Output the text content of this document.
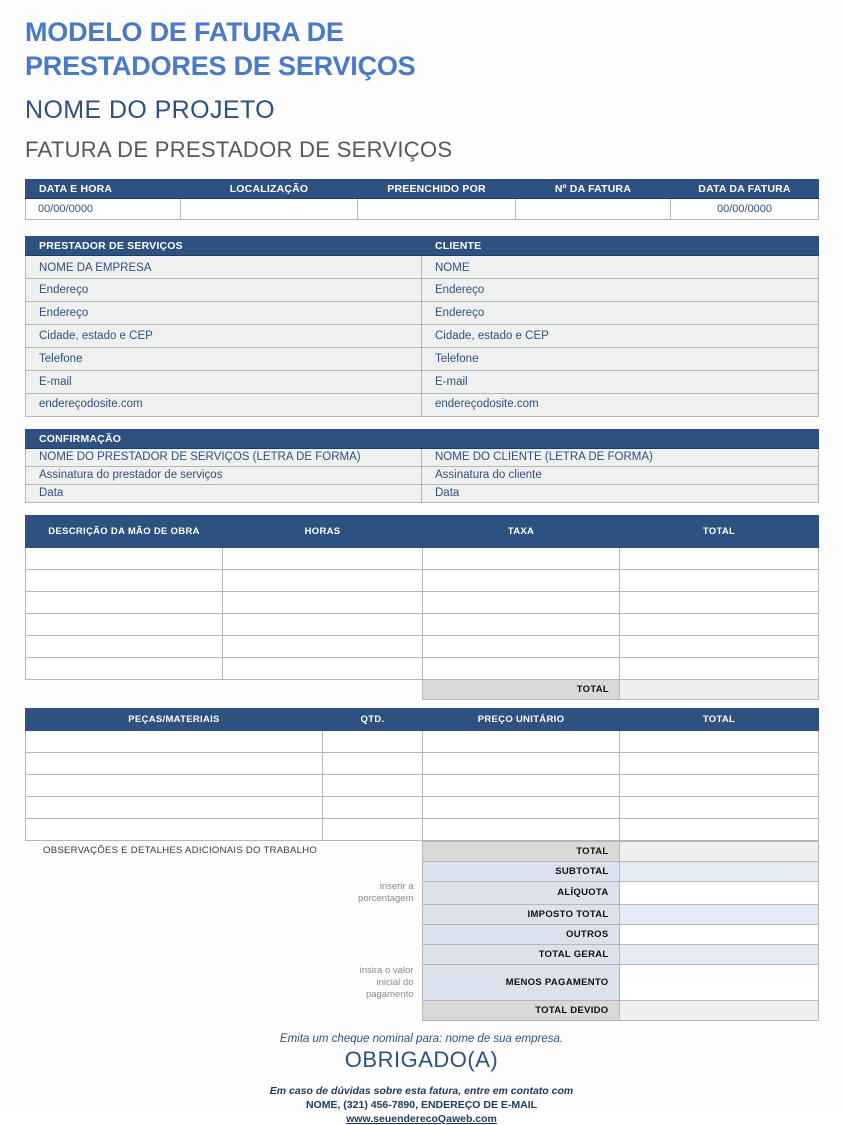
MODELO DE FATURA DE
PRESTADORES DE SERVIÇOS
NOME DO PROJETO
FATURA DE PRESTADOR DE SERVIÇOS
DATA E HORA	LOCALIZAÇÃO	PREENCHIDO POR	Nº DA FATURA	DATA DA FATURA
00/00/0000				00/00/0000
PRESTADOR DE SERVIÇOS	CLIENTE
NOME DA EMPRESA	NOME
Endereço	Endereço
Endereço	Endereço
Cidade, estado e CEP	Cidade, estado e CEP
Telefone	Telefone
E-mail	E-mail
endereçodosite.com	endereçodosite.com
CONFIRMAÇÃO	
NOME DO PRESTADOR DE SERVIÇOS (LETRA DE FORMA)	NOME DO CLIENTE (LETRA DE FORMA)
Assinatura do prestador de serviços	Assinatura do cliente
Data	Data
DESCRIÇÃO DA MÃO DE OBRA	HORAS	TAXA	TOTAL

		TOTAL	
PEÇAS/MATERIAIS	QTD.	PREÇO UNITÁRIO	TOTAL

OBSERVAÇÕES E DETALHES ADICIONAIS DO TRABALHO		TOTAL	
		SUBTOTAL	

	inserir a
porcentagem	ALÍQUOTA	
		IMPOSTO TOTAL	
		OUTROS	
		TOTAL GERAL	

	insira o valor
inicial do
pagamento	MENOS PAGAMENTO	
		TOTAL DEVIDO	
Emita um cheque nominal para: nome de sua empresa.
OBRIGADO(A)
Em caso de dúvidas sobre esta fatura, entre em contato com
NOME, (321) 456-7890, ENDEREÇO DE E-MAIL
www.seuenderecoQaweb.com
